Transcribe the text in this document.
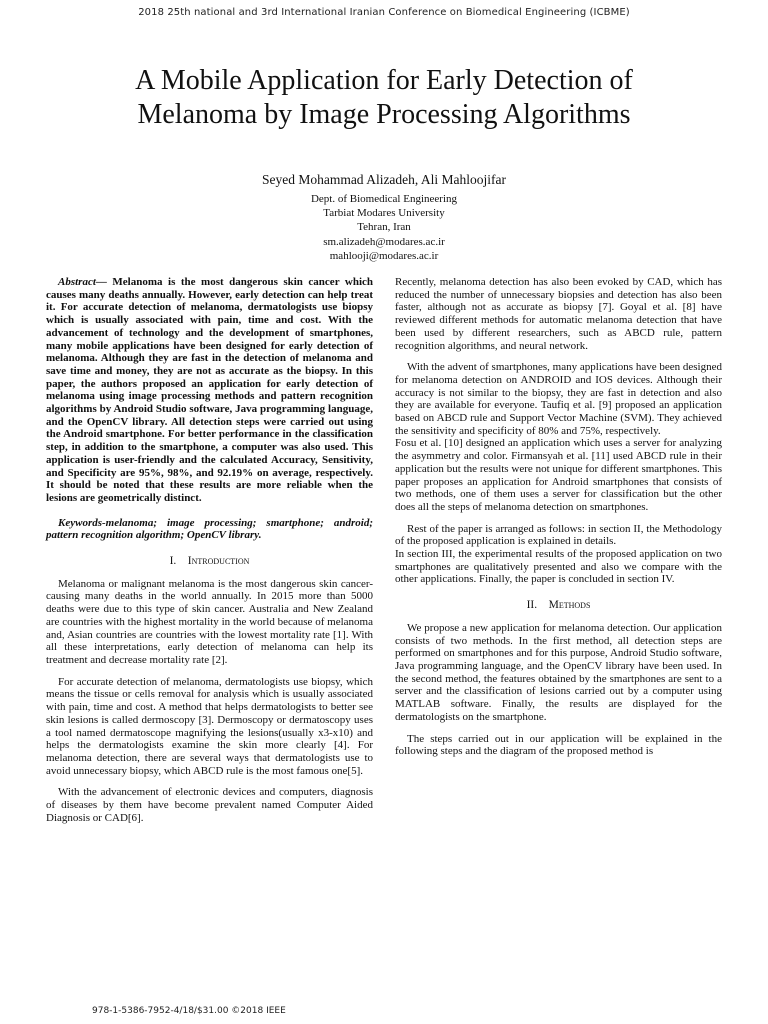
2018 25th national and 3rd International Iranian Conference on Biomedical Engineering (ICBME)
A Mobile Application for Early Detection of
Melanoma by Image Processing Algorithms
Seyed Mohammad Alizadeh, Ali Mahloojifar
Dept. of Biomedical Engineering
Tarbiat Modares University
Tehran, Iran
sm.alizadeh@modares.ac.ir
mahlooji@modares.ac.ir

Abstract— Melanoma is the most dangerous skin cancer which causes many deaths annually. However, early detection can help treat it. For accurate detection of melanoma, dermatologists use biopsy which is usually associated with pain, time and cost. With the advancement of technology and the development of smartphones, many mobile applications have been designed for early detection of melanoma. Although they are fast in the detection of melanoma and save time and money, they are not as accurate as the biopsy. In this paper, the authors proposed an application for early detection of melanoma using image processing methods and pattern recognition algorithms by Android Studio software, Java programming language, and the OpenCV library. All detection steps were carried out using the Android smartphone. For better performance in the classification step, in addition to the smartphone, a computer was also used. This application is user-friendly and the calculated Accuracy, Sensitivity, and Specificity are 95%, 98%, and 92.19% on average, respectively. It should be noted that these results are more reliable when the lesions are geometrically distinct.

Keywords-melanoma; image processing; smartphone; android; pattern recognition algorithm; OpenCV library.

I. Introduction

Melanoma or malignant melanoma is the most dangerous skin cancer-causing many deaths in the world annually. In 2015 more than 5000 deaths were due to this type of skin cancer. Australia and New Zealand are countries with the highest mortality in the world because of melanoma and, Asian countries are countries with the lowest mortality rate [1]. With all these interpretations, early detection of melanoma can help its treatment and decrease mortality rate [2].

For accurate detection of melanoma, dermatologists use biopsy, which means the tissue or cells removal for analysis which is usually associated with pain, time and cost. A method that helps dermatologists to better see skin lesions is called dermoscopy [3]. Dermoscopy or dermatoscopy uses a tool named dermatoscope magnifying the lesions(usually x3-x10) and helps the dermatologists examine the skin more clearly [4]. For melanoma detection, there are several ways that dermatologists use to avoid unnecessary biopsy, which ABCD rule is the most famous one[5].

With the advancement of electronic devices and computers, diagnosis of diseases by them have become prevalent named Computer Aided Diagnosis or CAD[6].

Recently, melanoma detection has also been evoked by CAD, which has reduced the number of unnecessary biopsies and detection has also been faster, although not as accurate as biopsy [7]. Goyal et al. [8] have reviewed different methods for automatic melanoma detection that have been used by different researchers, such as ABCD rule, pattern recognition algorithms, and neural network.

With the advent of smartphones, many applications have been designed for melanoma detection on ANDROID and IOS devices. Although their accuracy is not similar to the biopsy, they are fast in detection and also they are available for everyone. Taufiq et al. [9] proposed an application based on ABCD rule and Support Vector Machine (SVM). They achieved the sensitivity and specificity of 80% and 75%, respectively.

Fosu et al. [10] designed an application which uses a server for analyzing the asymmetry and color. Firmansyah et al. [11] used ABCD rule in their application but the results were not unique for different smartphones. This paper proposes an application for Android smartphones that consists of two methods, one of them uses a server for classification but the other does all the steps of melanoma detection on smartphones.

Rest of the paper is arranged as follows: in section II, the Methodology of the proposed application is explained in details.

In section III, the experimental results of the proposed application on two smartphones are qualitatively presented and also we compare with the other applications. Finally, the paper is concluded in section IV.

II. Methods

We propose a new application for melanoma detection. Our application consists of two methods. In the first method, all detection steps are performed on smartphones and for this purpose, Android Studio software, Java programming language, and the OpenCV library have been used. In the second method, the features obtained by the smartphones are sent to a server and the classification of lesions carried out by a computer using MATLAB software. Finally, the results are displayed for the dermatologists on the smartphone.

The steps carried out in our application will be explained in the following steps and the diagram of the proposed method is

978-1-5386-7952-4/18/$31.00 ©2018 IEEE
